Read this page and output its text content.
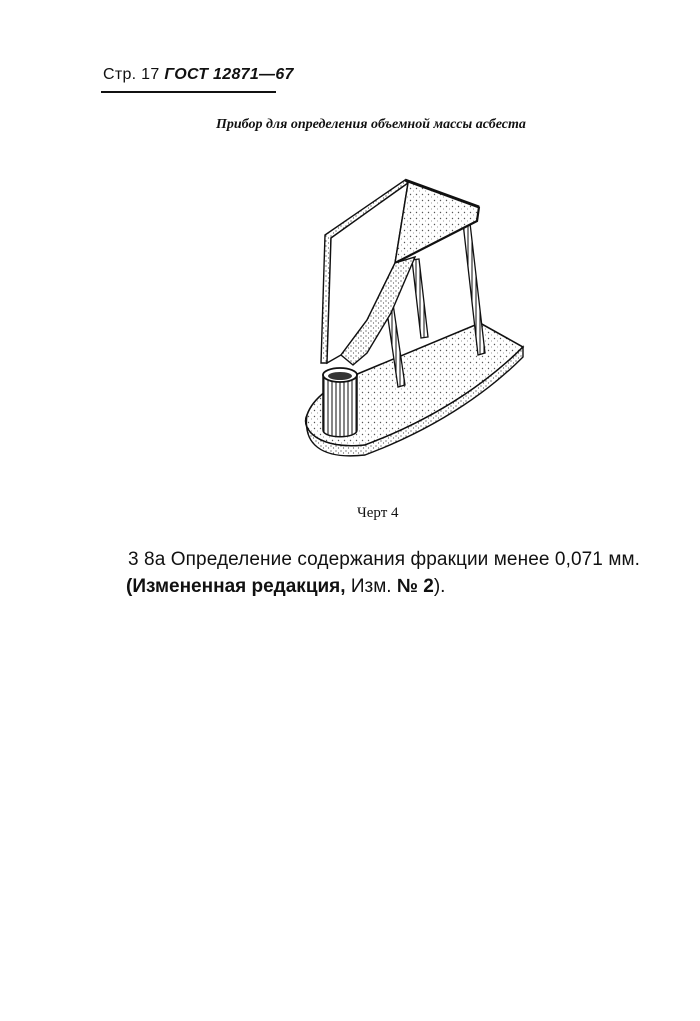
Стр. 17 ГОСТ 12871—67
Прибор для определения объемной массы асбеста
Черт 4
3 8а Определение содержания фракции менее 0,071 мм.
(Измененная редакция, Изм. № 2).
